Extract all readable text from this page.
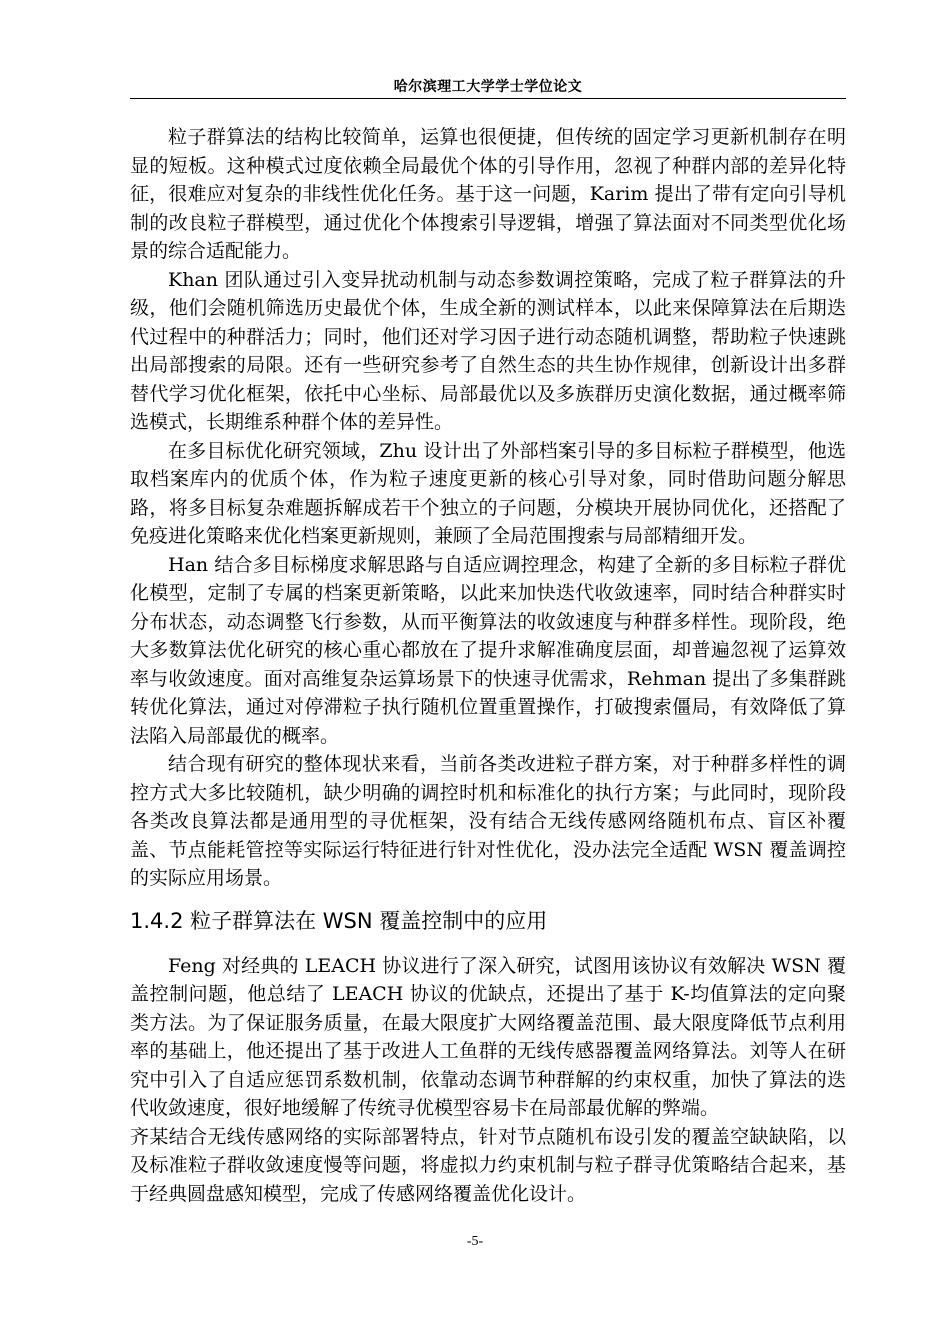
哈尔滨理工大学学士学位论文

粒子群算法的结构比较简单，运算也很便捷，但传统的固定学习更新机制存在明显的短板。这种模式过度依赖全局最优个体的引导作用，忽视了种群内部的差异化特征，很难应对复杂的非线性优化任务。基于这一问题，Karim 提出了带有定向引导机制的改良粒子群模型，通过优化个体搜索引导逻辑，增强了算法面对不同类型优化场景的综合适配能力。

Khan 团队通过引入变异扰动机制与动态参数调控策略，完成了粒子群算法的升级，他们会随机筛选历史最优个体，生成全新的测试样本，以此来保障算法在后期迭代过程中的种群活力；同时，他们还对学习因子进行动态随机调整，帮助粒子快速跳出局部搜索的局限。还有一些研究参考了自然生态的共生协作规律，创新设计出多群替代学习优化框架，依托中心坐标、局部最优以及多族群历史演化数据，通过概率筛选模式，长期维系种群个体的差异性。

在多目标优化研究领域，Zhu 设计出了外部档案引导的多目标粒子群模型，他选取档案库内的优质个体，作为粒子速度更新的核心引导对象，同时借助问题分解思路，将多目标复杂难题拆解成若干个独立的子问题，分模块开展协同优化，还搭配了免疫进化策略来优化档案更新规则，兼顾了全局范围搜索与局部精细开发。

Han 结合多目标梯度求解思路与自适应调控理念，构建了全新的多目标粒子群优化模型，定制了专属的档案更新策略，以此来加快迭代收敛速率，同时结合种群实时分布状态，动态调整飞行参数，从而平衡算法的收敛速度与种群多样性。现阶段，绝大多数算法优化研究的核心重心都放在了提升求解准确度层面，却普遍忽视了运算效率与收敛速度。面对高维复杂运算场景下的快速寻优需求，Rehman 提出了多集群跳转优化算法，通过对停滞粒子执行随机位置重置操作，打破搜索僵局，有效降低了算法陷入局部最优的概率。

结合现有研究的整体现状来看，当前各类改进粒子群方案，对于种群多样性的调控方式大多比较随机，缺少明确的调控时机和标准化的执行方案；与此同时，现阶段各类改良算法都是通用型的寻优框架，没有结合无线传感网络随机布点、盲区补覆盖、节点能耗管控等实际运行特征进行针对性优化，没办法完全适配 WSN 覆盖调控的实际应用场景。

1.4.2 粒子群算法在 WSN 覆盖控制中的应用

Feng 对经典的 LEACH 协议进行了深入研究，试图用该协议有效解决 WSN 覆盖控制问题，他总结了 LEACH 协议的优缺点，还提出了基于 K-均值算法的定向聚类方法。为了保证服务质量，在最大限度扩大网络覆盖范围、最大限度降低节点利用率的基础上，他还提出了基于改进人工鱼群的无线传感器覆盖网络算法。刘等人在研究中引入了自适应惩罚系数机制，依靠动态调节种群解的约束权重，加快了算法的迭代收敛速度，很好地缓解了传统寻优模型容易卡在局部最优解的弊端。

齐某结合无线传感网络的实际部署特点，针对节点随机布设引发的覆盖空缺缺陷，以及标准粒子群收敛速度慢等问题，将虚拟力约束机制与粒子群寻优策略结合起来，基于经典圆盘感知模型，完成了传感网络覆盖优化设计。

-5-
